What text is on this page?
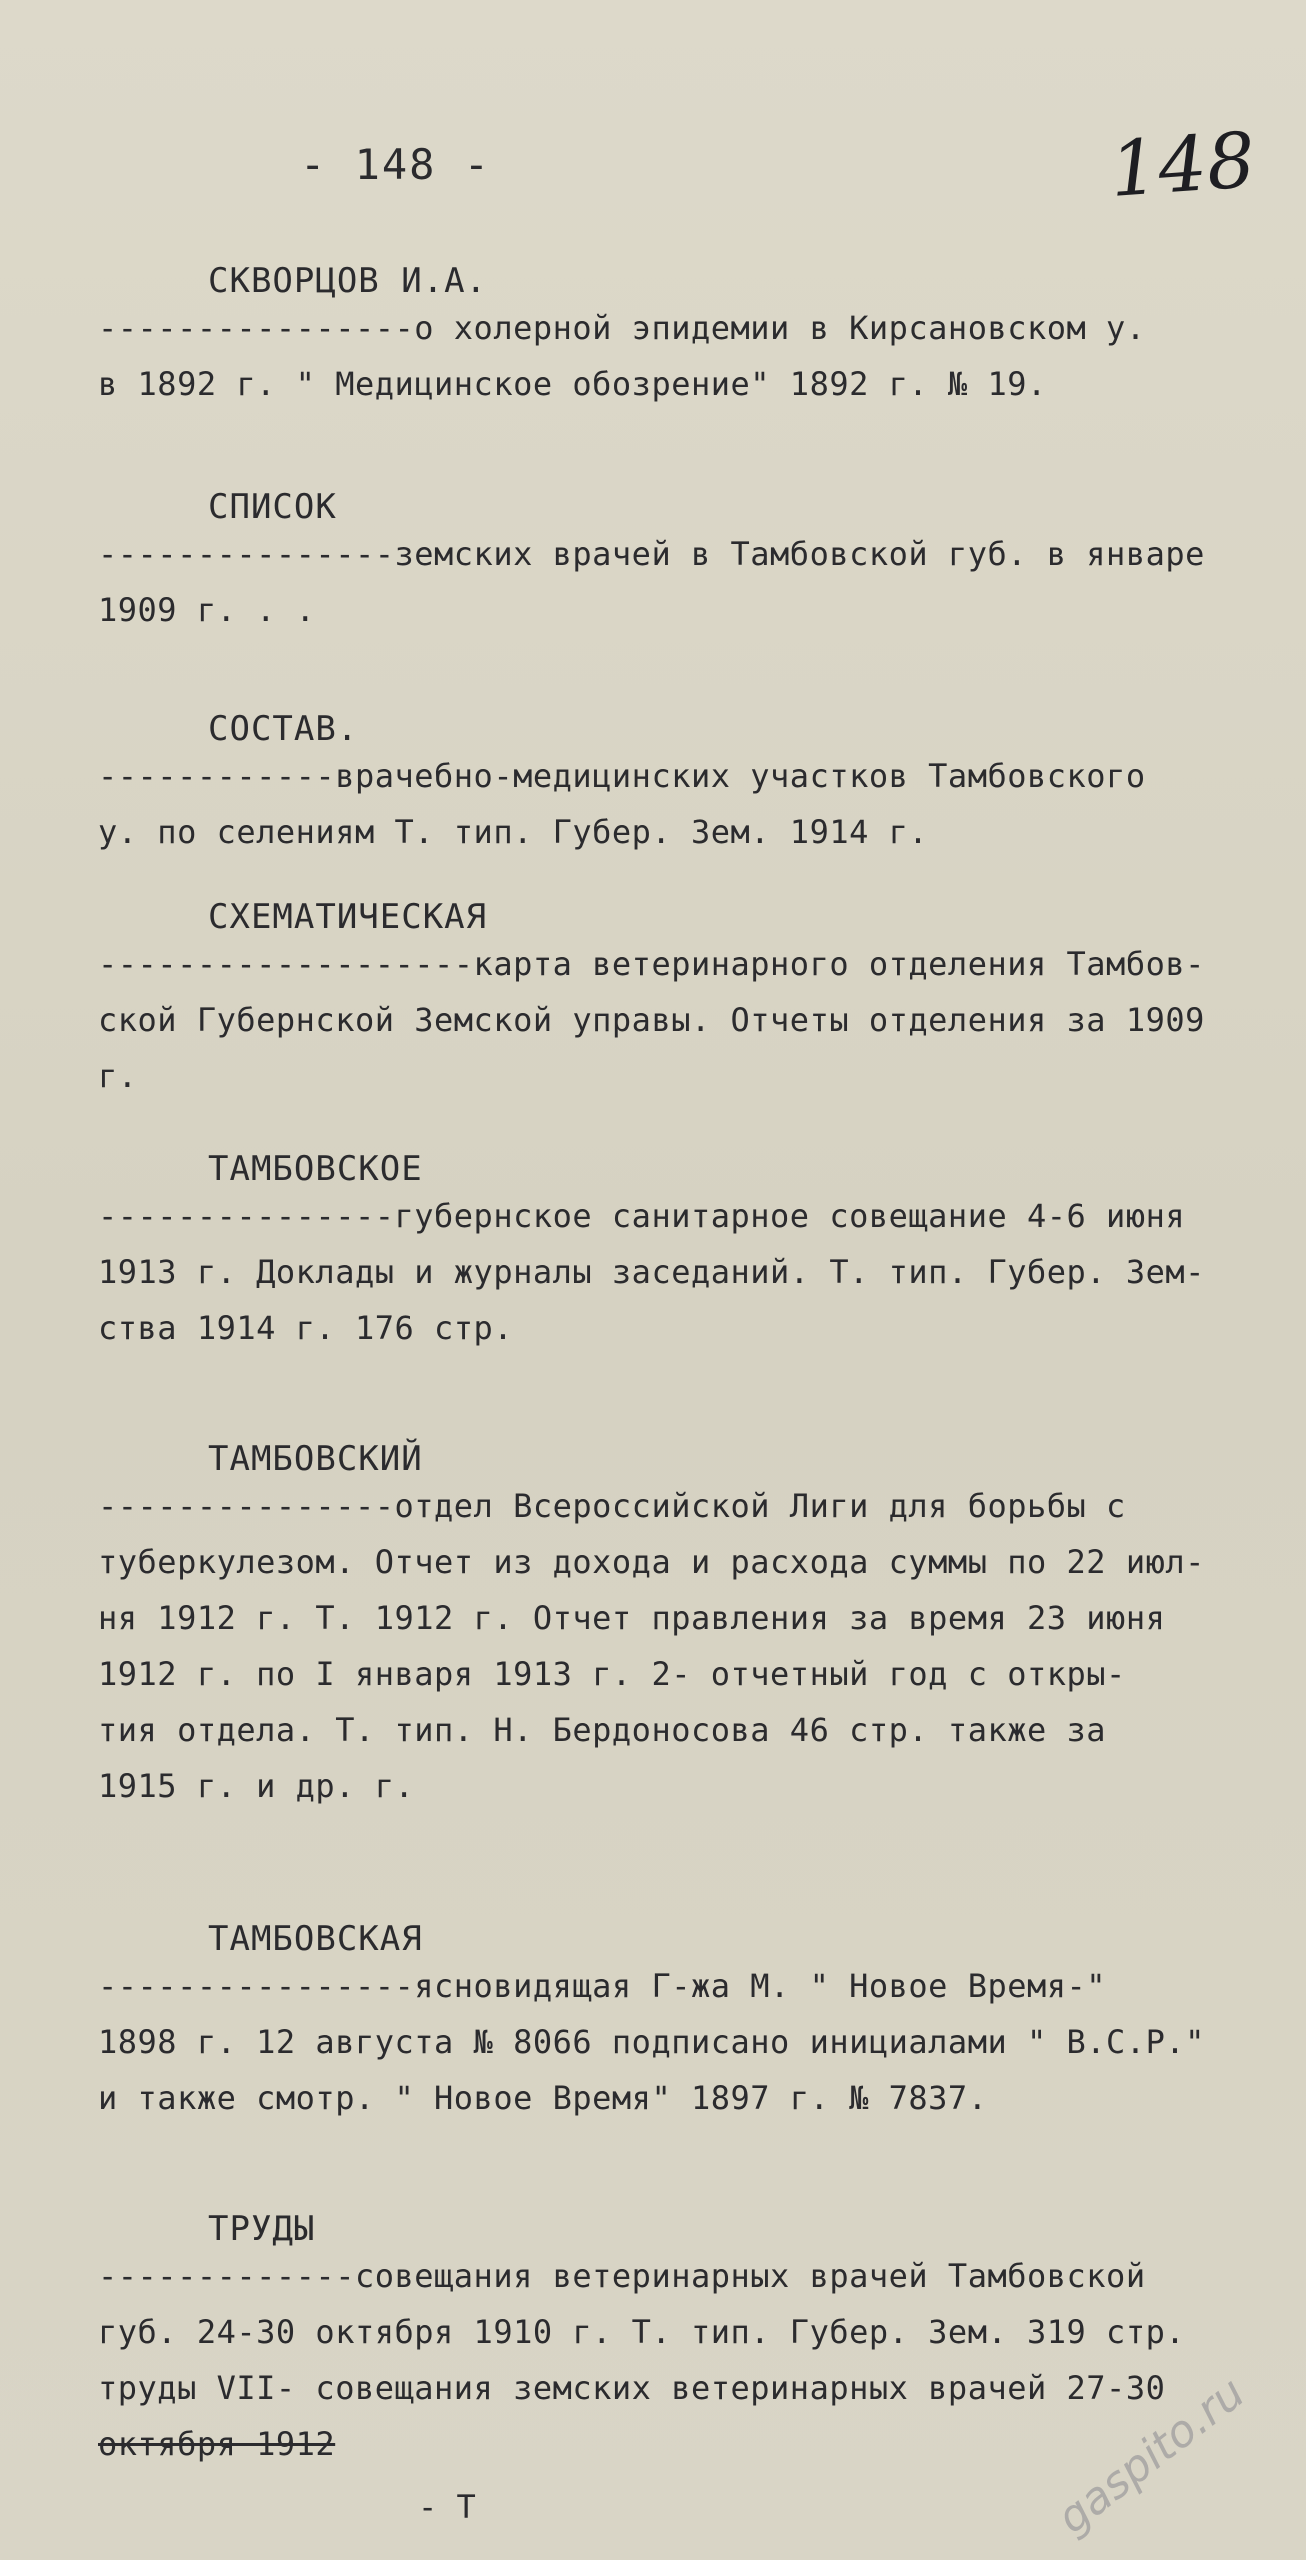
- 148 -	148
СКВОРЦОВ И.А.
----------------о холерной эпидемии в Кирсановском у.
в 1892 г. " Медицинское обозрение" 1892 г. № 19.
СПИСОК
---------------земских врачей в Тамбовской губ. в январе
1909 г. . .
СОСТАВ.
------------врачебно-медицинских участков Тамбовского
у. по селениям Т. тип. Губер. Зем. 1914 г.
СХЕМАТИЧЕСКАЯ
-------------------карта ветеринарного отделения Тамбов-
ской Губернской Земской управы. Отчеты отделения за 1909
г.
ТАМБОВСКОЕ
---------------губернское санитарное совещание 4-6 июня
1913 г. Доклады и журналы заседаний. Т. тип. Губер. Зем-
ства 1914 г. 176 стр.
ТАМБОВСКИЙ
---------------отдел Всероссийской Лиги для борьбы с
туберкулезом. Отчет из дохода и расхода суммы по 22 июл-
ня 1912 г. Т. 1912 г. Отчет правления за время 23 июня
1912 г. по I января 1913 г. 2- отчетный год с откры-
тия отдела. Т. тип. Н. Бердоносова 46 стр. также за
1915 г. и др. г.
ТАМБОВСКАЯ
----------------ясновидящая Г-жа М. " Новое Время-"
1898 г. 12 августа № 8066 подписано инициалами " В.С.Р."
и также смотр. " Новое Время" 1897 г. № 7837.
ТРУДЫ
-------------совещания ветеринарных врачей Тамбовской
губ. 24-30 октября 1910 г. Т. тип. Губер. Зем. 319 стр.
труды VII- совещания земских ветеринарных врачей 27-30
октября 1912
- Т	gaspito.ru
